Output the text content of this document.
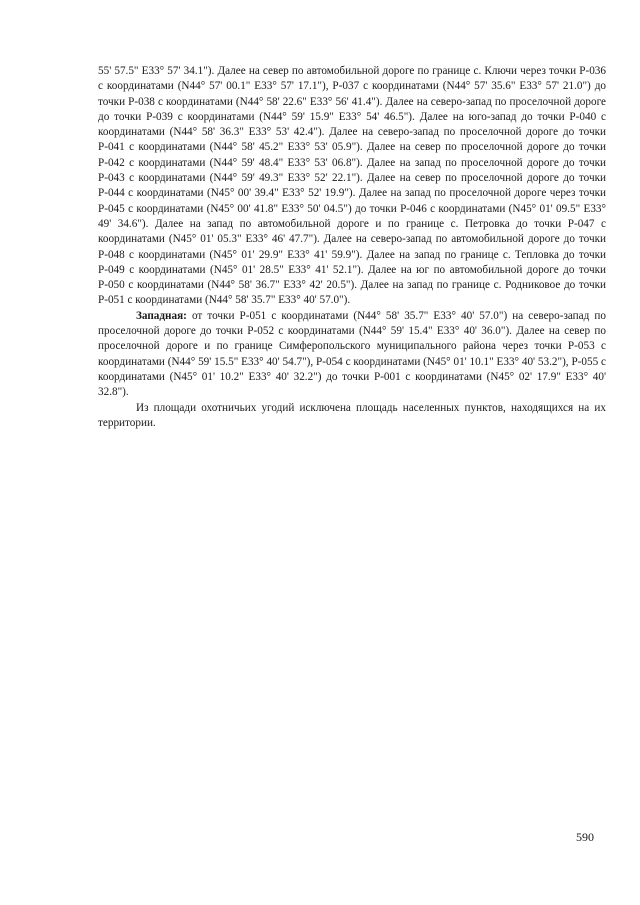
55' 57.5" E33° 57' 34.1"). Далее на север по автомобильной дороге по границе с. Ключи через точки Р-036 с координатами (N44° 57' 00.1" E33° 57' 17.1"), Р-037 с координатами (N44° 57' 35.6" E33° 57' 21.0") до точки Р-038 с координатами (N44° 58' 22.6" E33° 56' 41.4"). Далее на северо-запад по проселочной дороге до точки Р-039 с координатами (N44° 59' 15.9" E33° 54' 46.5"). Далее на юго-запад до точки Р-040 с координатами (N44° 58' 36.3" E33° 53' 42.4"). Далее на северо-запад по проселочной дороге до точки Р-041 с координатами (N44° 58' 45.2" E33° 53' 05.9"). Далее на север по проселочной дороге до точки Р-042 с координатами (N44° 59' 48.4" E33° 53' 06.8"). Далее на запад по проселочной дороге до точки Р-043 с координатами (N44° 59' 49.3" E33° 52' 22.1"). Далее на север по проселочной дороге до точки Р-044 с координатами (N45° 00' 39.4" E33° 52' 19.9"). Далее на запад по проселочной дороге через точки Р-045 с координатами (N45° 00' 41.8" E33° 50' 04.5") до точки Р-046 с координатами (N45° 01' 09.5" E33° 49' 34.6"). Далее на запад по автомобильной дороге и по границе с. Петровка до точки Р-047 с координатами (N45° 01' 05.3" E33° 46' 47.7"). Далее на северо-запад по автомобильной дороге до точки Р-048 с координатами (N45° 01' 29.9" E33° 41' 59.9"). Далее на запад по границе с. Тепловка до точки Р-049 с координатами (N45° 01' 28.5" E33° 41' 52.1"). Далее на юг по автомобильной дороге до точки Р-050 с координатами (N44° 58' 36.7" E33° 42' 20.5"). Далее на запад по границе с. Родниковое до точки Р-051 с координатами (N44° 58' 35.7" E33° 40' 57.0").

Западная: от точки Р-051 с координатами (N44° 58' 35.7" E33° 40' 57.0") на северо-запад по проселочной дороге до точки Р-052 с координатами (N44° 59' 15.4" E33° 40' 36.0"). Далее на север по проселочной дороге и по границе Симферопольского муниципального района через точки Р-053 с координатами (N44° 59' 15.5" E33° 40' 54.7"), Р-054 с координатами (N45° 01' 10.1" E33° 40' 53.2"), Р-055 с координатами (N45° 01' 10.2" E33° 40' 32.2") до точки Р-001 с координатами (N45° 02' 17.9" E33° 40' 32.8").

Из площади охотничьих угодий исключена площадь населенных пунктов, находящихся на их территории.

590
